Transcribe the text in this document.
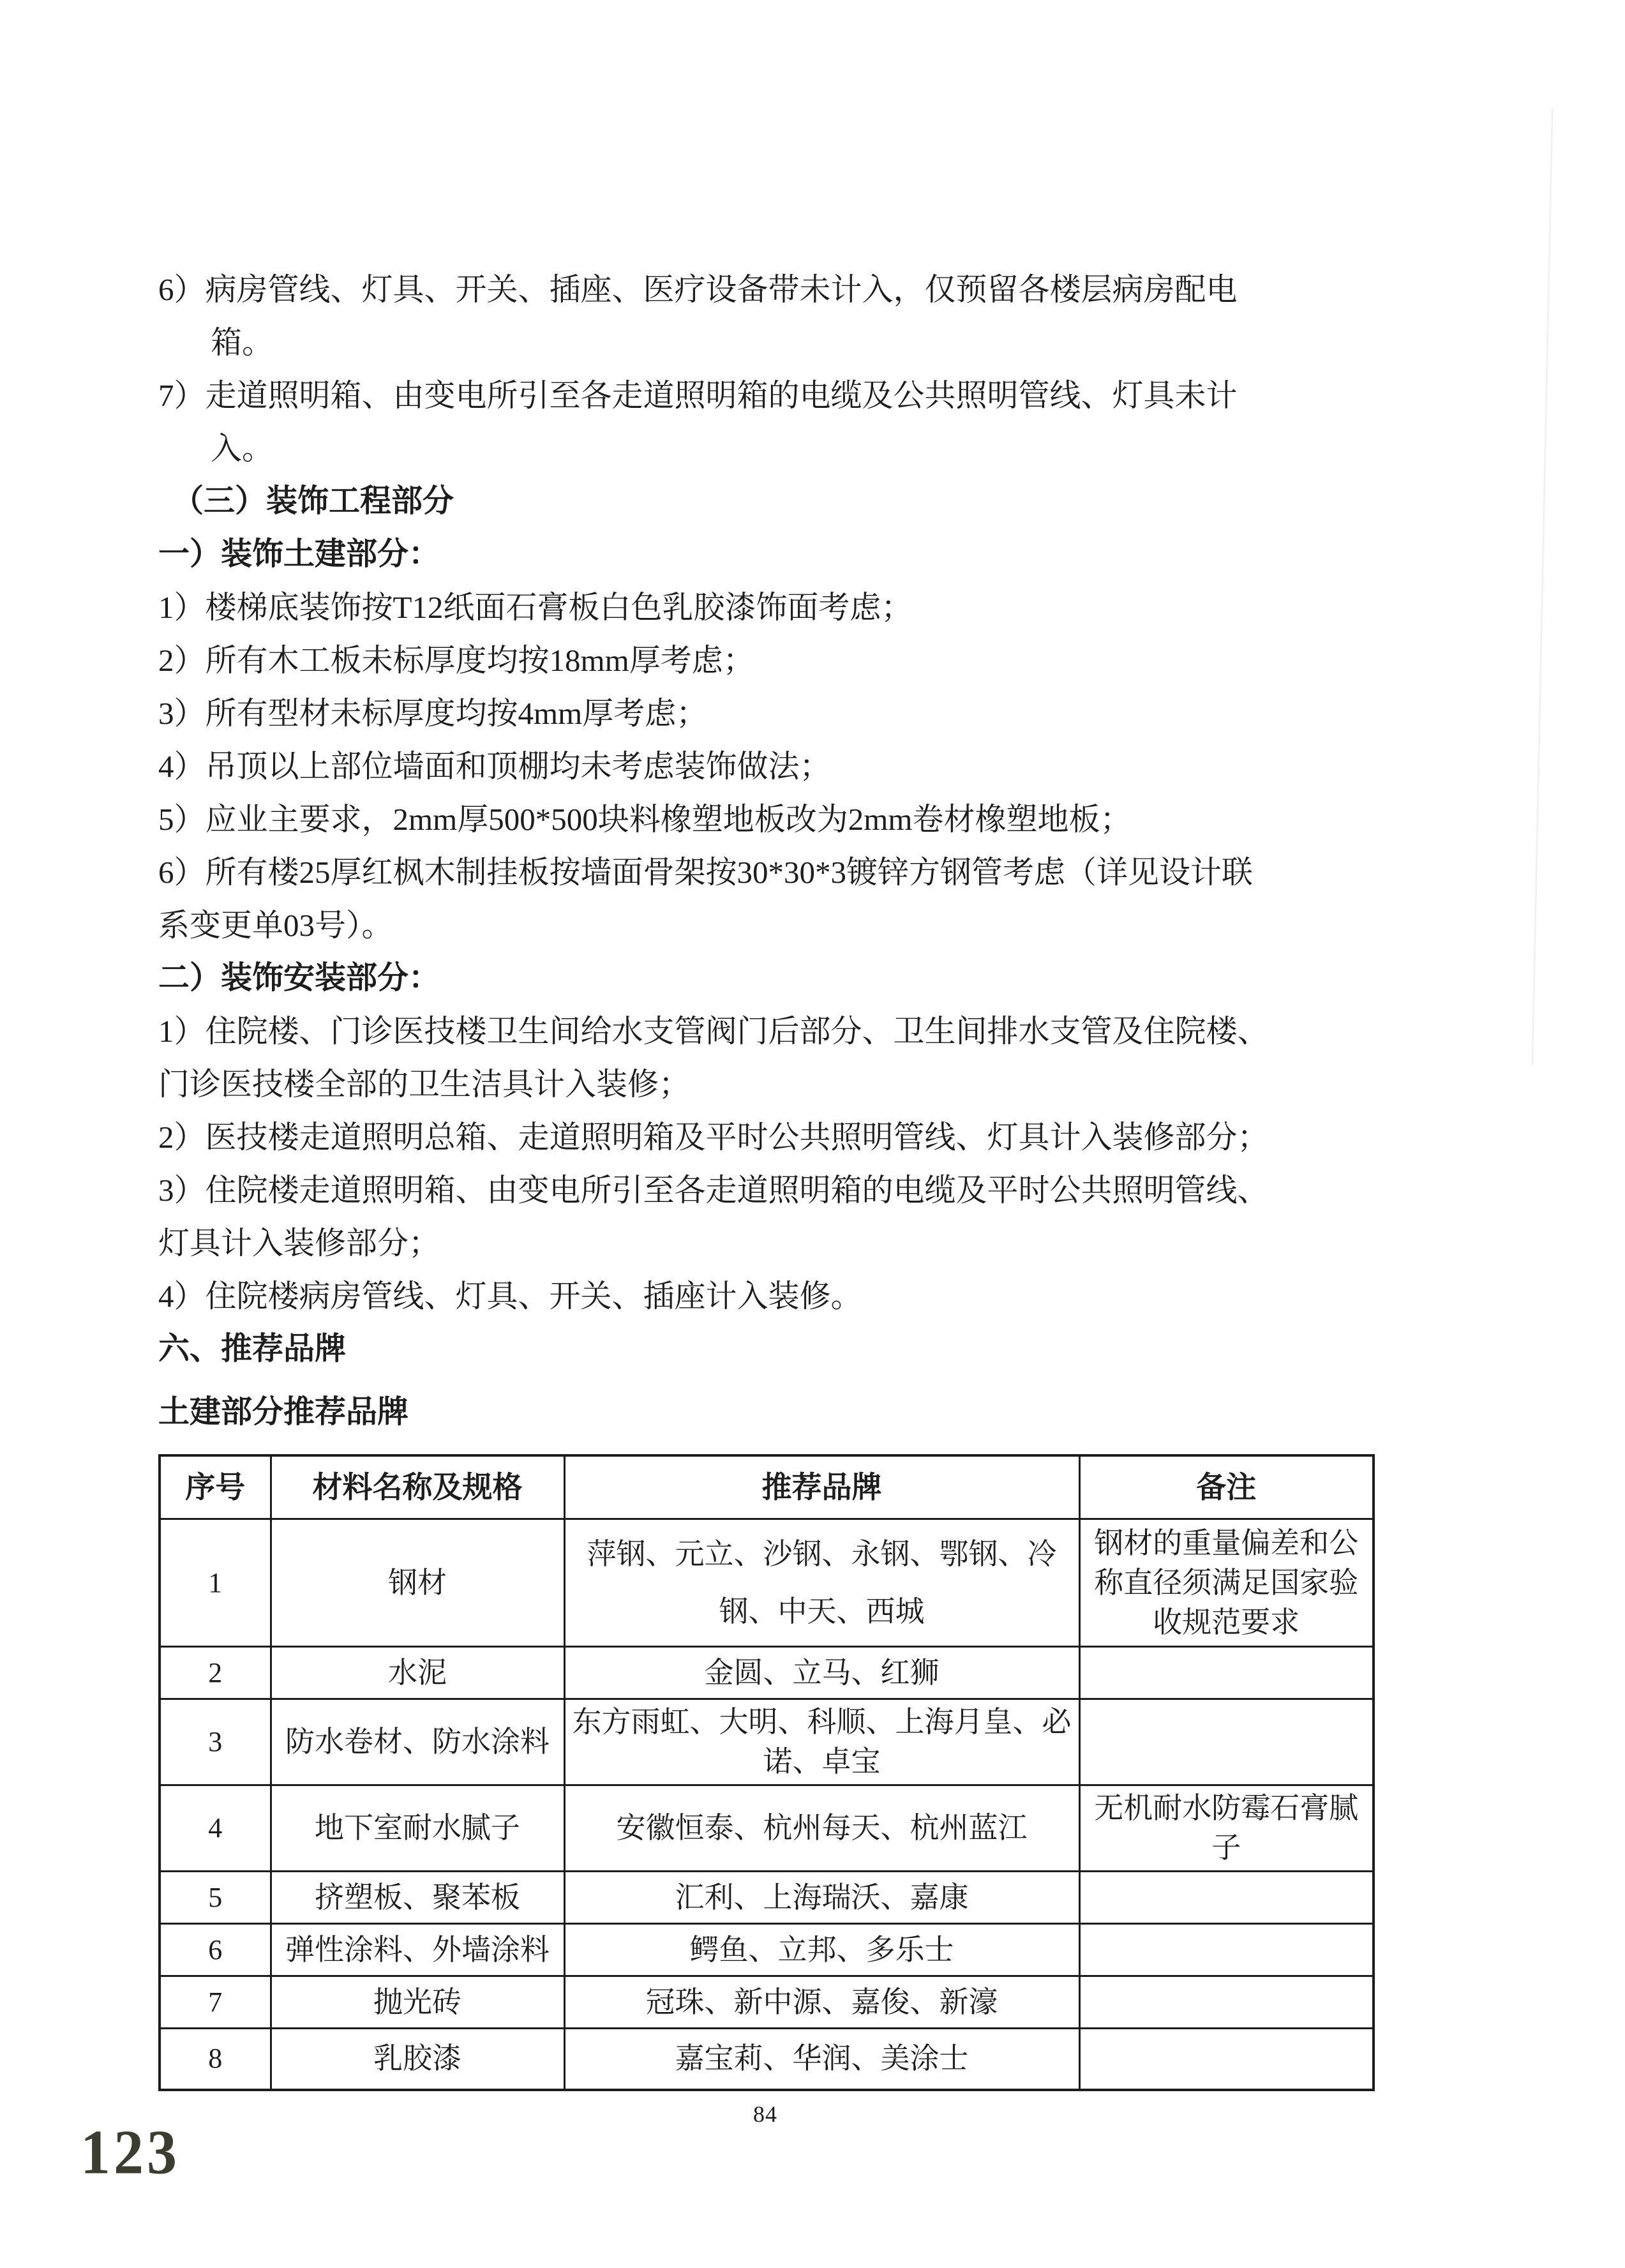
6）病房管线、灯具、开关、插座、医疗设备带未计入，仅预留各楼层病房配电
箱。
7）走道照明箱、由变电所引至各走道照明箱的电缆及公共照明管线、灯具未计
入。
（三）装饰工程部分
一）装饰土建部分：
1）楼梯底装饰按T12纸面石膏板白色乳胶漆饰面考虑；
2）所有木工板未标厚度均按18mm厚考虑；
3）所有型材未标厚度均按4mm厚考虑；
4）吊顶以上部位墙面和顶棚均未考虑装饰做法；
5）应业主要求，2mm厚500*500块料橡塑地板改为2mm卷材橡塑地板；
6）所有楼25厚红枫木制挂板按墙面骨架按30*30*3镀锌方钢管考虑（详见设计联
系变更单03号）。
二）装饰安装部分：
1）住院楼、门诊医技楼卫生间给水支管阀门后部分、卫生间排水支管及住院楼、
门诊医技楼全部的卫生洁具计入装修；
2）医技楼走道照明总箱、走道照明箱及平时公共照明管线、灯具计入装修部分；
3）住院楼走道照明箱、由变电所引至各走道照明箱的电缆及平时公共照明管线、
灯具计入装修部分；
4）住院楼病房管线、灯具、开关、插座计入装修。
六、推荐品牌
土建部分推荐品牌
序号	材料名称及规格	推荐品牌	备注
1	钢材	萍钢、元立、沙钢、永钢、鄂钢、冷钢、中天、西城	钢材的重量偏差和公称直径须满足国家验收规范要求
2	水泥	金圆、立马、红狮	
3	防水卷材、防水涂料	东方雨虹、大明、科顺、上海月皇、必诺、卓宝	
4	地下室耐水腻子	安徽恒泰、杭州每天、杭州蓝江	无机耐水防霉石膏腻子
5	挤塑板、聚苯板	汇利、上海瑞沃、嘉康	
6	弹性涂料、外墙涂料	鳄鱼、立邦、多乐士	
7	抛光砖	冠珠、新中源、嘉俊、新濠	
8	乳胶漆	嘉宝莉、华润、美涂士	
84
123
